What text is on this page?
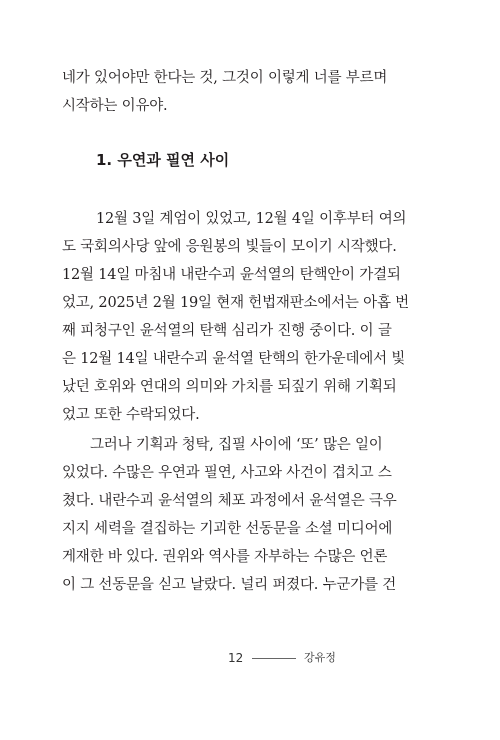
네가 있어야만 한다는 것, 그것이 이렇게 너를 부르며
시작하는 이유야.
1. 우연과 필연 사이
12월 3일 계엄이 있었고, 12월 4일 이후부터 여의
도 국회의사당 앞에 응원봉의 빛들이 모이기 시작했다.
12월 14일 마침내 내란수괴 윤석열의 탄핵안이 가결되
었고, 2025년 2월 19일 현재 헌법재판소에서는 아홉 번
째 피청구인 윤석열의 탄핵 심리가 진행 중이다. 이 글
은 12월 14일 내란수괴 윤석열 탄핵의 한가운데에서 빛
났던 호위와 연대의 의미와 가치를 되짚기 위해 기획되
었고 또한 수락되었다.
그러나 기획과 청탁, 집필 사이에 ‘또’ 많은 일이
있었다. 수많은 우연과 필연, 사고와 사건이 겹치고 스
쳤다. 내란수괴 윤석열의 체포 과정에서 윤석열은 극우
지지 세력을 결집하는 기괴한 선동문을 소셜 미디어에
게재한 바 있다. 권위와 역사를 자부하는 수많은 언론
이 그 선동문을 싣고 날랐다. 널리 퍼졌다. 누군가를 건
12	강유정
